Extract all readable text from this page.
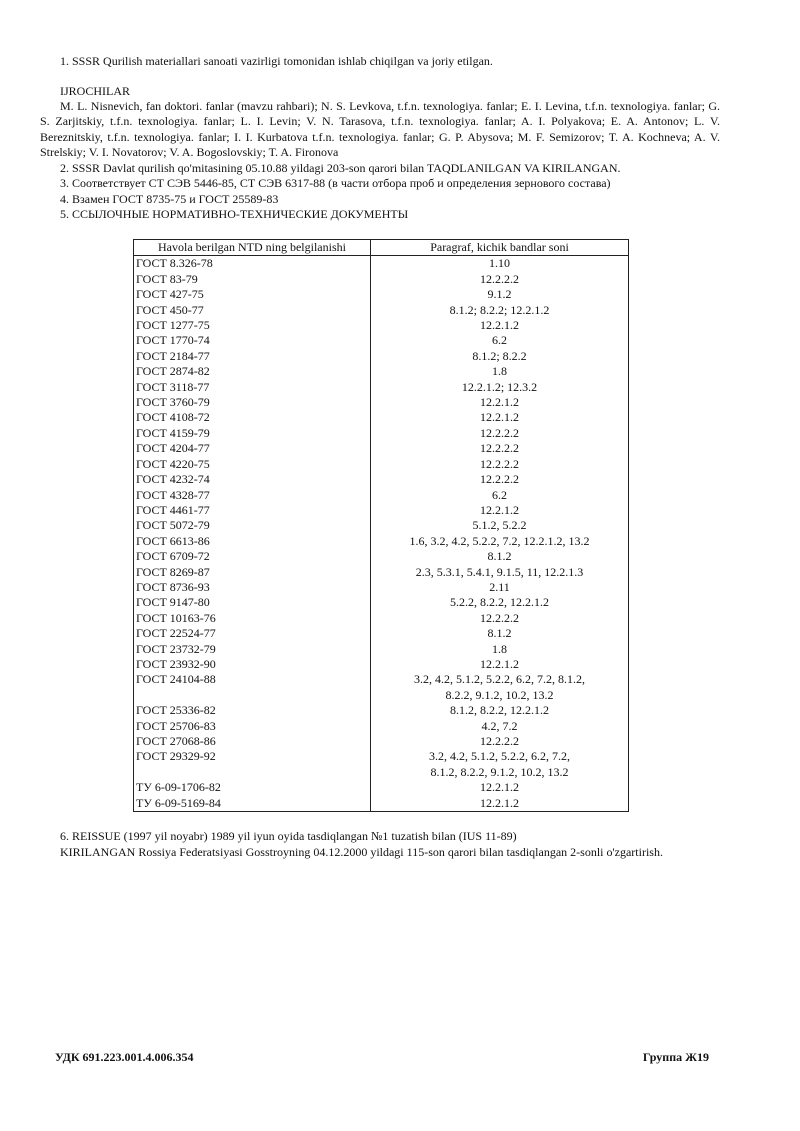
1. SSSR Qurilish materiallari sanoati vazirligi tomonidan ishlab chiqilgan va joriy etilgan.

IJROCHILAR

M. L. Nisnevich, fan doktori. fanlar (mavzu rahbari); N. S. Levkova, t.f.n. texnologiya. fanlar; E. I. Levina, t.f.n. texnologiya. fanlar; G. S. Zarjitskiy, t.f.n. texnologiya. fanlar; L. I. Levin; V. N. Tarasova, t.f.n. texnologiya. fanlar; A. I. Polyakova; E. A. Antonov; L. V. Bereznitskiy, t.f.n. texnologiya. fanlar; I. I. Kurbatova t.f.n. texnologiya. fanlar; G. P. Abysova; M. F. Semizorov; T. A. Kochneva; A. V. Strelskiy; V. I. Novatorov; V. A. Bogoslovskiy; T. A. Fironova

2. SSSR Davlat qurilish qo'mitasining 05.10.88 yildagi 203-son qarori bilan TAQDLANILGAN VA KIRILANGAN.

3. Соответствует СТ СЭВ 5446-85, СТ СЭВ 6317-88 (в части отбора проб и определения зернового состава)

4. Взамен ГОСТ 8735-75 и ГОСТ 25589-83

5. ССЫЛОЧНЫЕ НОРМАТИВНО-ТЕХНИЧЕСКИЕ ДОКУМЕНТЫ

Havola berilgan NTD ning belgilanishi	Paragraf, kichik bandlar soni
ГОСТ 8.326-78	1.10
ГОСТ 83-79	12.2.2.2
ГОСТ 427-75	9.1.2
ГОСТ 450-77	8.1.2; 8.2.2; 12.2.1.2
ГОСТ 1277-75	12.2.1.2
ГОСТ 1770-74	6.2
ГОСТ 2184-77	8.1.2; 8.2.2
ГОСТ 2874-82	1.8
ГОСТ 3118-77	12.2.1.2; 12.3.2
ГОСТ 3760-79	12.2.1.2
ГОСТ 4108-72	12.2.1.2
ГОСТ 4159-79	12.2.2.2
ГОСТ 4204-77	12.2.2.2
ГОСТ 4220-75	12.2.2.2
ГОСТ 4232-74	12.2.2.2
ГОСТ 4328-77	6.2
ГОСТ 4461-77	12.2.1.2
ГОСТ 5072-79	5.1.2, 5.2.2
ГОСТ 6613-86	1.6, 3.2, 4.2, 5.2.2, 7.2, 12.2.1.2, 13.2
ГОСТ 6709-72	8.1.2
ГОСТ 8269-87	2.3, 5.3.1, 5.4.1, 9.1.5, 11, 12.2.1.3
ГОСТ 8736-93	2.11
ГОСТ 9147-80	5.2.2, 8.2.2, 12.2.1.2
ГОСТ 10163-76	12.2.2.2
ГОСТ 22524-77	8.1.2
ГОСТ 23732-79	1.8
ГОСТ 23932-90	12.2.1.2
ГОСТ 24104-88	3.2, 4.2, 5.1.2, 5.2.2, 6.2, 7.2, 8.1.2,
8.2.2, 9.1.2, 10.2, 13.2
ГОСТ 25336-82	8.1.2, 8.2.2, 12.2.1.2
ГОСТ 25706-83	4.2, 7.2
ГОСТ 27068-86	12.2.2.2
ГОСТ 29329-92	3.2, 4.2, 5.1.2, 5.2.2, 6.2, 7.2,
8.1.2, 8.2.2, 9.1.2, 10.2, 13.2
ТУ 6-09-1706-82	12.2.1.2
ТУ 6-09-5169-84	12.2.1.2

6. REISSUE (1997 yil noyabr) 1989 yil iyun oyida tasdiqlangan №1 tuzatish bilan (IUS 11-89)

KIRILANGAN Rossiya Federatsiyasi Gosstroyning 04.12.2000 yildagi 115-son qarori bilan tasdiqlangan 2-sonli o'zgartirish.

УДК 691.223.001.4.006.354	Группа Ж19
